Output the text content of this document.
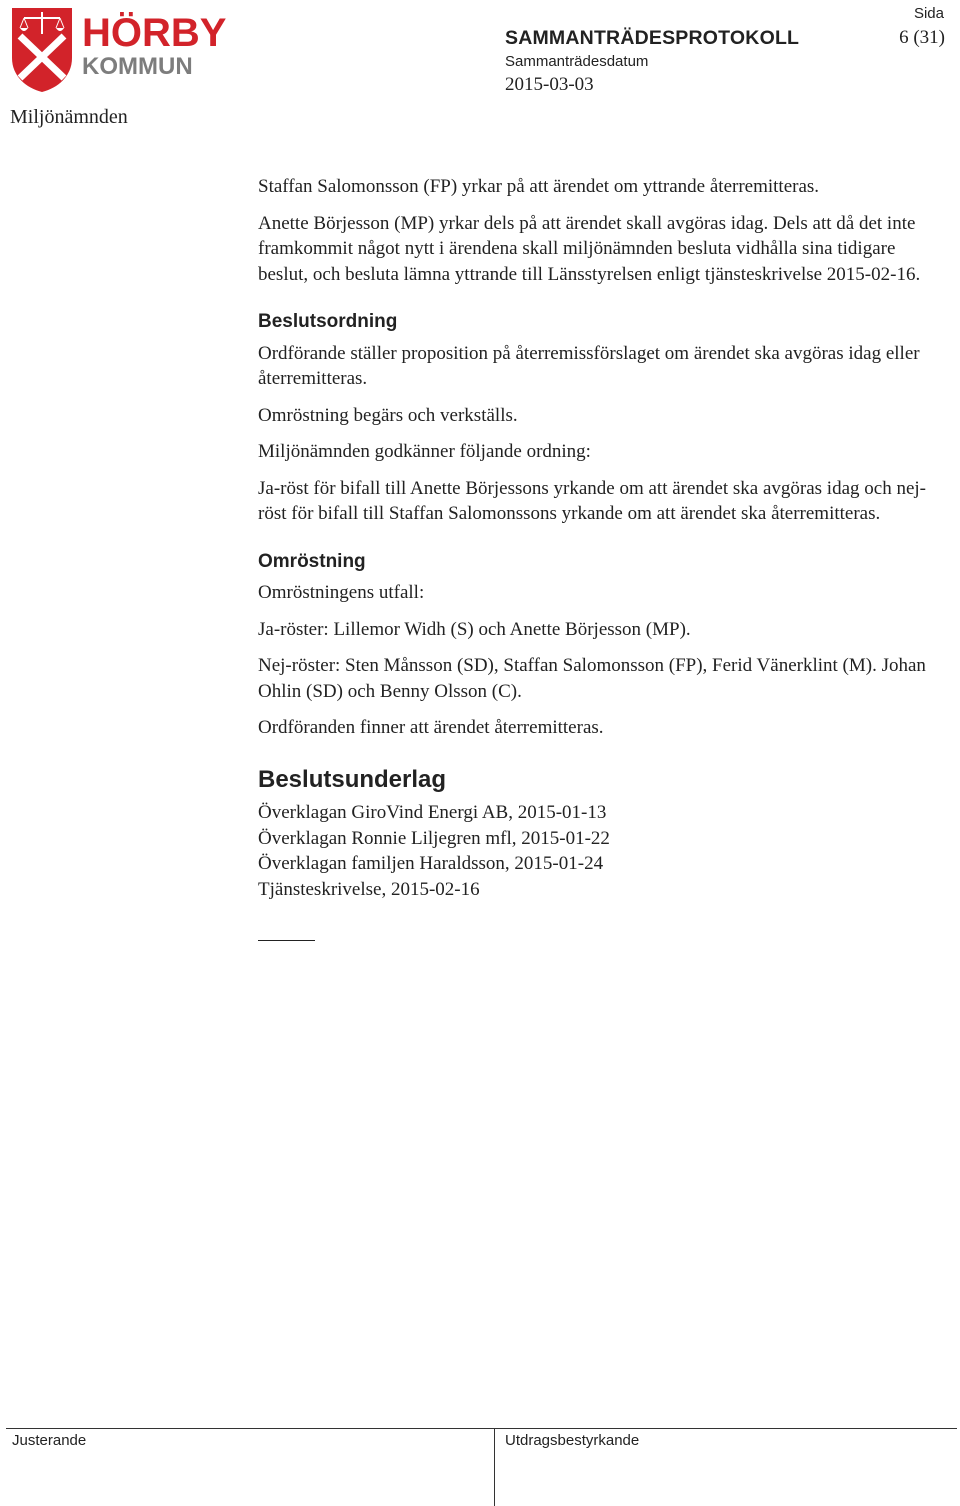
HÖRBY
KOMMUN
Miljönämnden
SAMMANTRÄDESPROTOKOLL
Sammanträdesdatum
2015-03-03
Sida
6 (31)

Staffan Salomonsson (FP) yrkar på att ärendet om yttrande återremitteras.

Anette Börjesson (MP) yrkar dels på att ärendet skall avgöras idag. Dels att då det inte framkommit något nytt i ärendena skall miljönämnden besluta vidhålla sina tidigare beslut, och besluta lämna yttrande till Länsstyrelsen enligt tjänsteskrivelse 2015-02-16.

Beslutsordning

Ordförande ställer proposition på återremissförslaget om ärendet ska avgöras idag eller återremitteras.

Omröstning begärs och verkställs.

Miljönämnden godkänner följande ordning:

Ja-röst för bifall till Anette Börjessons yrkande om att ärendet ska avgöras idag och nej-röst för bifall till Staffan Salomonssons yrkande om att ärendet ska återremitteras.

Omröstning

Omröstningens utfall:

Ja-röster: Lillemor Widh (S) och Anette Börjesson (MP).

Nej-röster: Sten Månsson (SD), Staffan Salomonsson (FP), Ferid Vänerklint (M). Johan Ohlin (SD) och Benny Olsson (C).

Ordföranden finner att ärendet återremitteras.

Beslutsunderlag

Överklagan GiroVind Energi AB, 2015-01-13

Överklagan Ronnie Liljegren mfl, 2015-01-22

Överklagan familjen Haraldsson, 2015-01-24

Tjänsteskrivelse, 2015-02-16

Justerande	Utdragsbestyrkande
